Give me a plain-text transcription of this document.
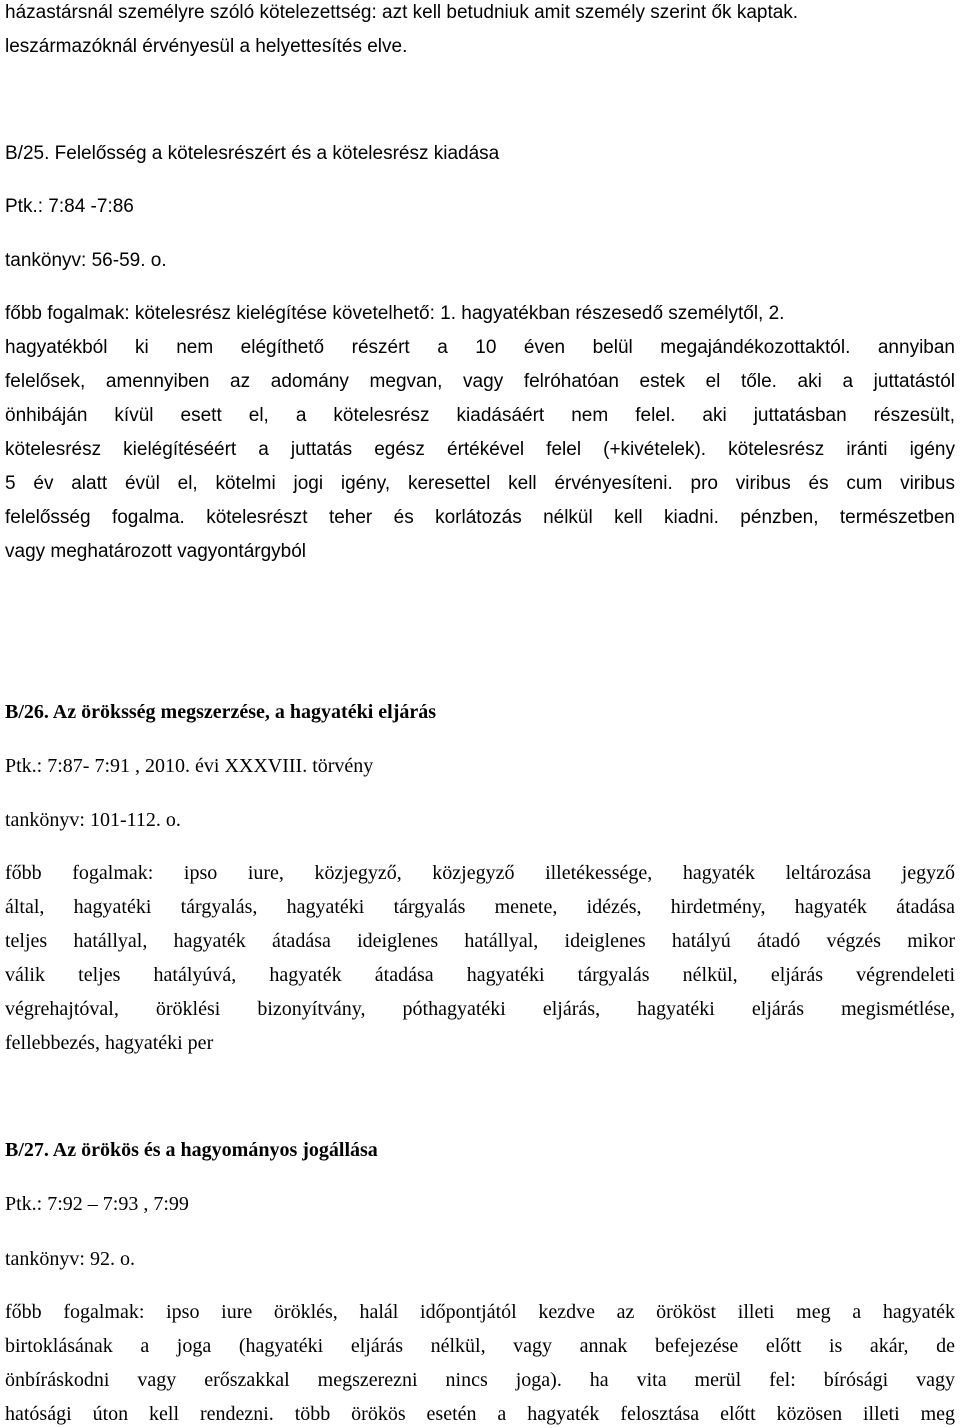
házastársnál személyre szóló kötelezettség: azt kell betudniuk amit személy szerint ők kaptak.
leszármazóknál érvényesül a helyettesítés elve.
B/25. Felelősség a kötelesrészért és a kötelesrész kiadása
Ptk.: 7:84 -7:86
tankönyv: 56-59. o.
főbb fogalmak: kötelesrész kielégítése követelhető: 1. hagyatékban részesedő személytől, 2.
hagyatékból ki nem elégíthető részért a 10 éven belül megajándékozottaktól. annyiban
felelősek, amennyiben az adomány megvan, vagy felróhatóan estek el tőle. aki a juttatástól
önhibáján kívül esett el, a kötelesrész kiadásáért nem felel. aki juttatásban részesült,
kötelesrész kielégítéséért a juttatás egész értékével felel (+kivételek). kötelesrész iránti igény
5 év alatt évül el, kötelmi jogi igény, keresettel kell érvényesíteni. pro viribus és cum viribus
felelősség fogalma. kötelesrészt teher és korlátozás nélkül kell kiadni. pénzben, természetben
vagy meghatározott vagyontárgyból
B/26. Az öröksség megszerzése, a hagyatéki eljárás
Ptk.: 7:87- 7:91 , 2010. évi XXXVIII. törvény
tankönyv: 101-112. o.
főbb fogalmak: ipso iure, közjegyző, közjegyző illetékessége, hagyaték leltározása jegyző
által, hagyatéki tárgyalás, hagyatéki tárgyalás menete, idézés, hirdetmény, hagyaték átadása
teljes hatállyal, hagyaték átadása ideiglenes hatállyal, ideiglenes hatályú átadó végzés mikor
válik teljes hatályúvá, hagyaték átadása hagyatéki tárgyalás nélkül, eljárás végrendeleti
végrehajtóval, öröklési bizonyítvány, póthagyatéki eljárás, hagyatéki eljárás megismétlése,
fellebbezés, hagyatéki per
B/27. Az örökös és a hagyományos jogállása
Ptk.: 7:92 – 7:93 , 7:99
tankönyv: 92. o.
főbb fogalmak: ipso iure öröklés, halál időpontjától kezdve az örököst illeti meg a hagyaték
birtoklásának a joga (hagyatéki eljárás nélkül, vagy annak befejezése előtt is akár, de
önbíráskodni vagy erőszakkal megszerezni nincs joga). ha vita merül fel: bírósági vagy
hatósági úton kell rendezni. több örökös esetén a hagyaték felosztása előtt közösen illeti meg
